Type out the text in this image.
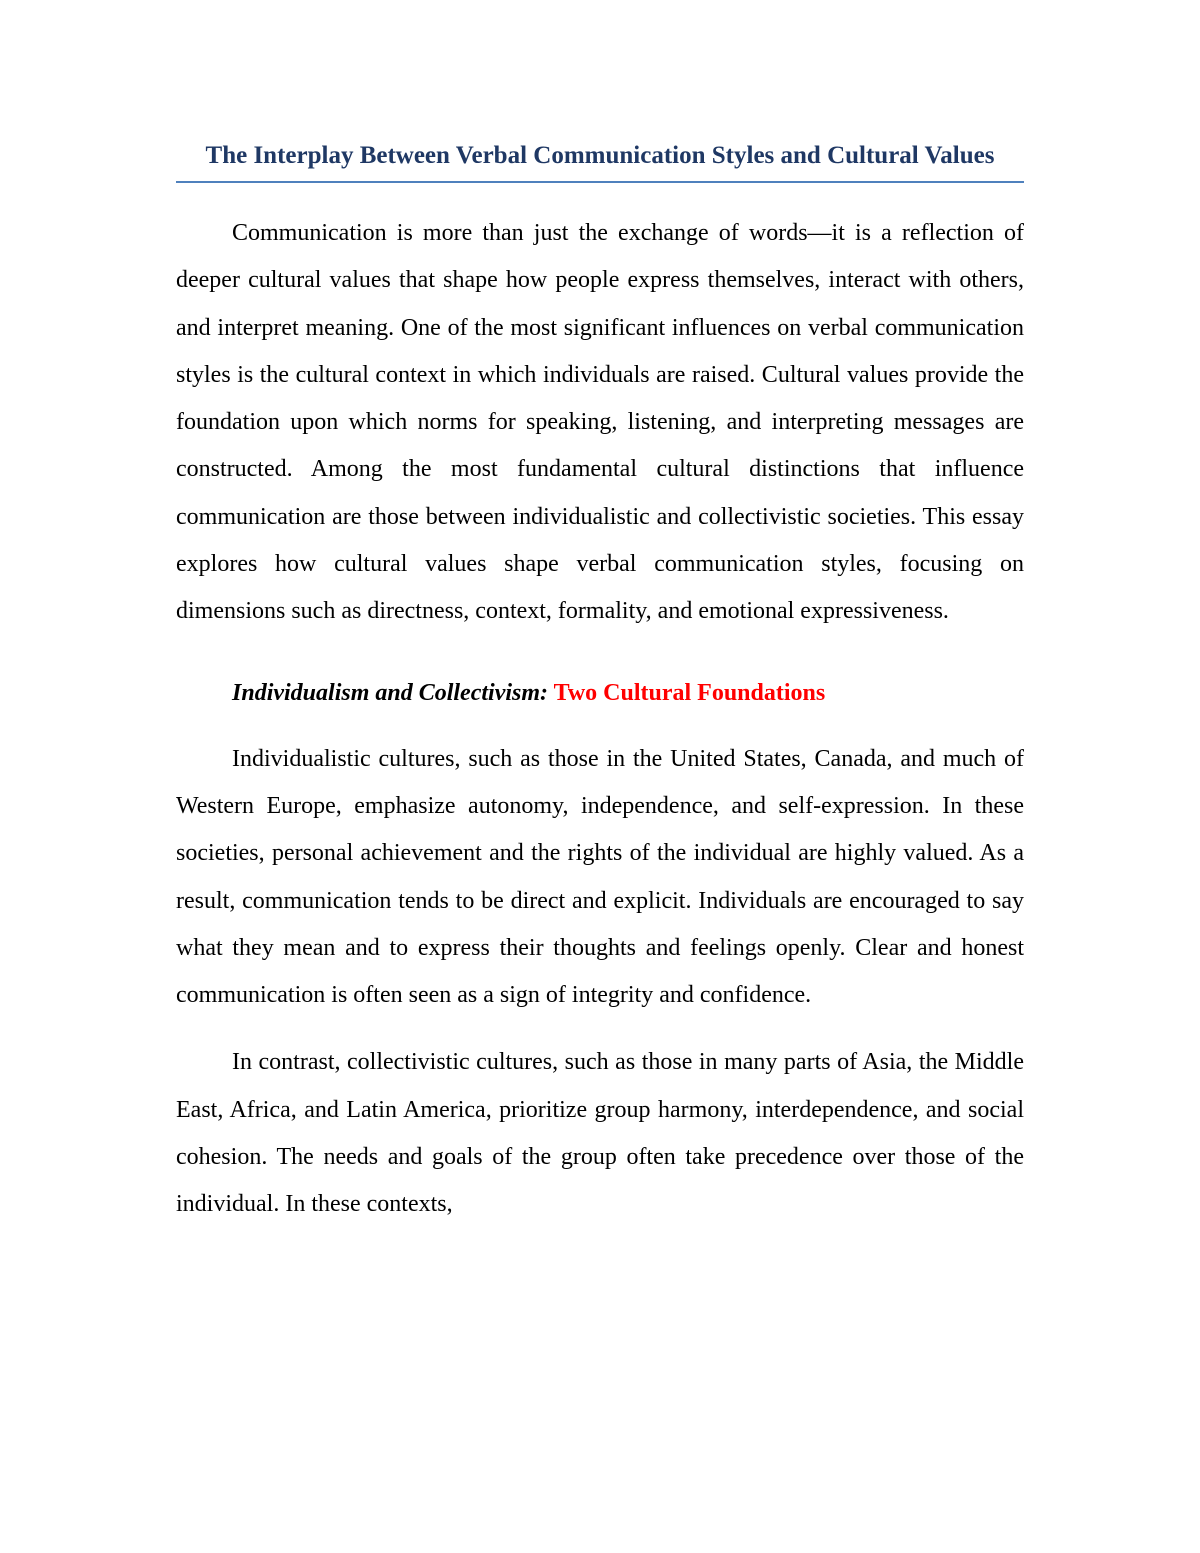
The Interplay Between Verbal Communication Styles and Cultural Values

Communication is more than just the exchange of words—it is a reflection of deeper cultural values that shape how people express themselves, interact with others, and interpret meaning. One of the most significant influences on verbal communication styles is the cultural context in which individuals are raised. Cultural values provide the foundation upon which norms for speaking, listening, and interpreting messages are constructed. Among the most fundamental cultural distinctions that influence communication are those between individualistic and collectivistic societies. This essay explores how cultural values shape verbal communication styles, focusing on dimensions such as directness, context, formality, and emotional expressiveness.

Individualism and Collectivism: Two Cultural Foundations

Individualistic cultures, such as those in the United States, Canada, and much of Western Europe, emphasize autonomy, independence, and self-expression. In these societies, personal achievement and the rights of the individual are highly valued. As a result, communication tends to be direct and explicit. Individuals are encouraged to say what they mean and to express their thoughts and feelings openly. Clear and honest communication is often seen as a sign of integrity and confidence.

In contrast, collectivistic cultures, such as those in many parts of Asia, the Middle East, Africa, and Latin America, prioritize group harmony, interdependence, and social cohesion. The needs and goals of the group often take precedence over those of the individual. In these contexts,
